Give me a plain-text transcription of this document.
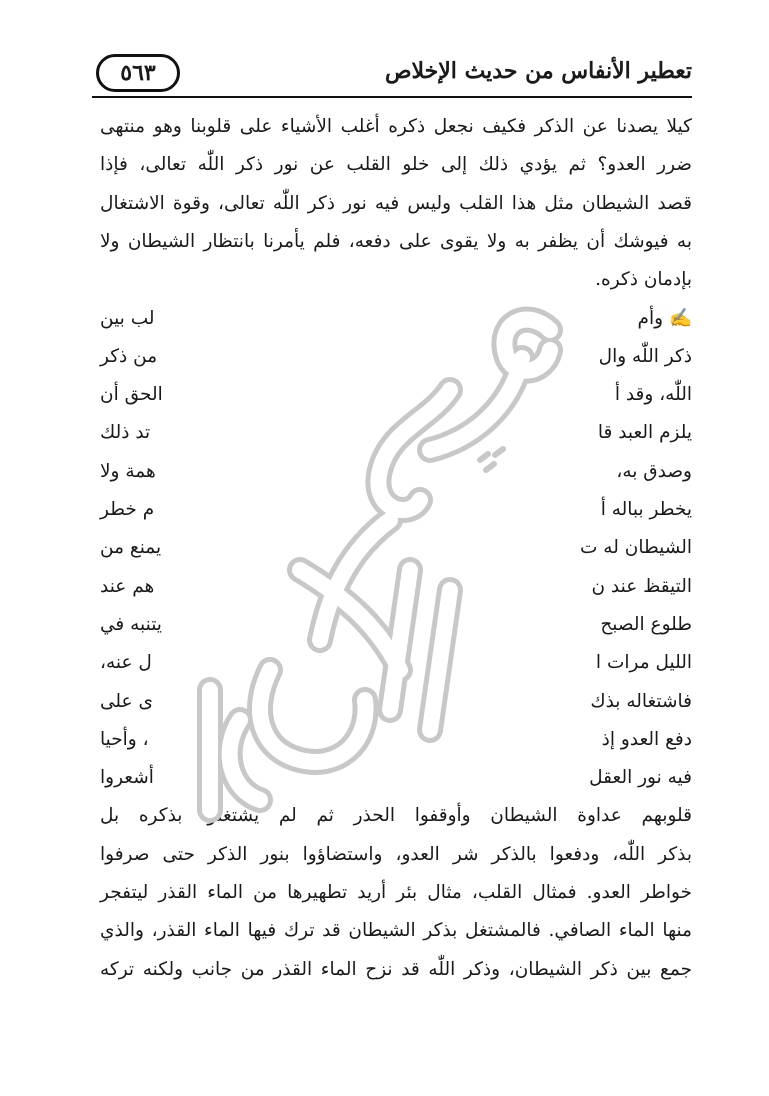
تعطير الأنفاس من حديث الإخلاص
٥٦٣
كيلا يصدنا عن الذكر فكيف نجعل ذكره أغلب الأشياء على قلوبنا وهو منتهى
ضرر العدو؟ ثم يؤدي ذلك إلى خلو القلب عن نور ذكر اللّٰه تعالى، فإذا
قصد الشيطان مثل هذا القلب وليس فيه نور ذكر اللّٰه تعالى، وقوة الاشتغال
به فيوشك أن يظفر به ولا يقوى على دفعه، فلم يأمرنا بانتظار الشيطان ولا
بإدمان ذكره.
✍ وأم
لب بين
ذكر اللّٰه وال
من ذكر
اللّٰه، وقد أ
الحق أن
يلزم العبد قا
تد ذلك
وصدق به،
همة ولا
يخطر بباله أ
م خطر
الشيطان له ت
يمنع من
التيقظ عند ن
هم عند
طلوع الصبح
يتنبه في
الليل مرات ا
ل عنه،
فاشتغاله بذك
ى على
دفع العدو إذ
، وأحيا
فيه نور العقل
أشعروا
قلوبهم عداوة الشيطان وأوقفوا الحذر ثم لم يشتغلوا بذكره بل
بذكر اللّٰه، ودفعوا بالذكر شر العدو، واستضاؤوا بنور الذكر حتى صرفوا
خواطر العدو. فمثال القلب، مثال بئر أريد تطهيرها من الماء القذر ليتفجر
منها الماء الصافي. فالمشتغل بذكر الشيطان قد ترك فيها الماء القذر، والذي
جمع بين ذكر الشيطان، وذكر اللّٰه قد نزح الماء القذر من جانب ولكنه تركه
